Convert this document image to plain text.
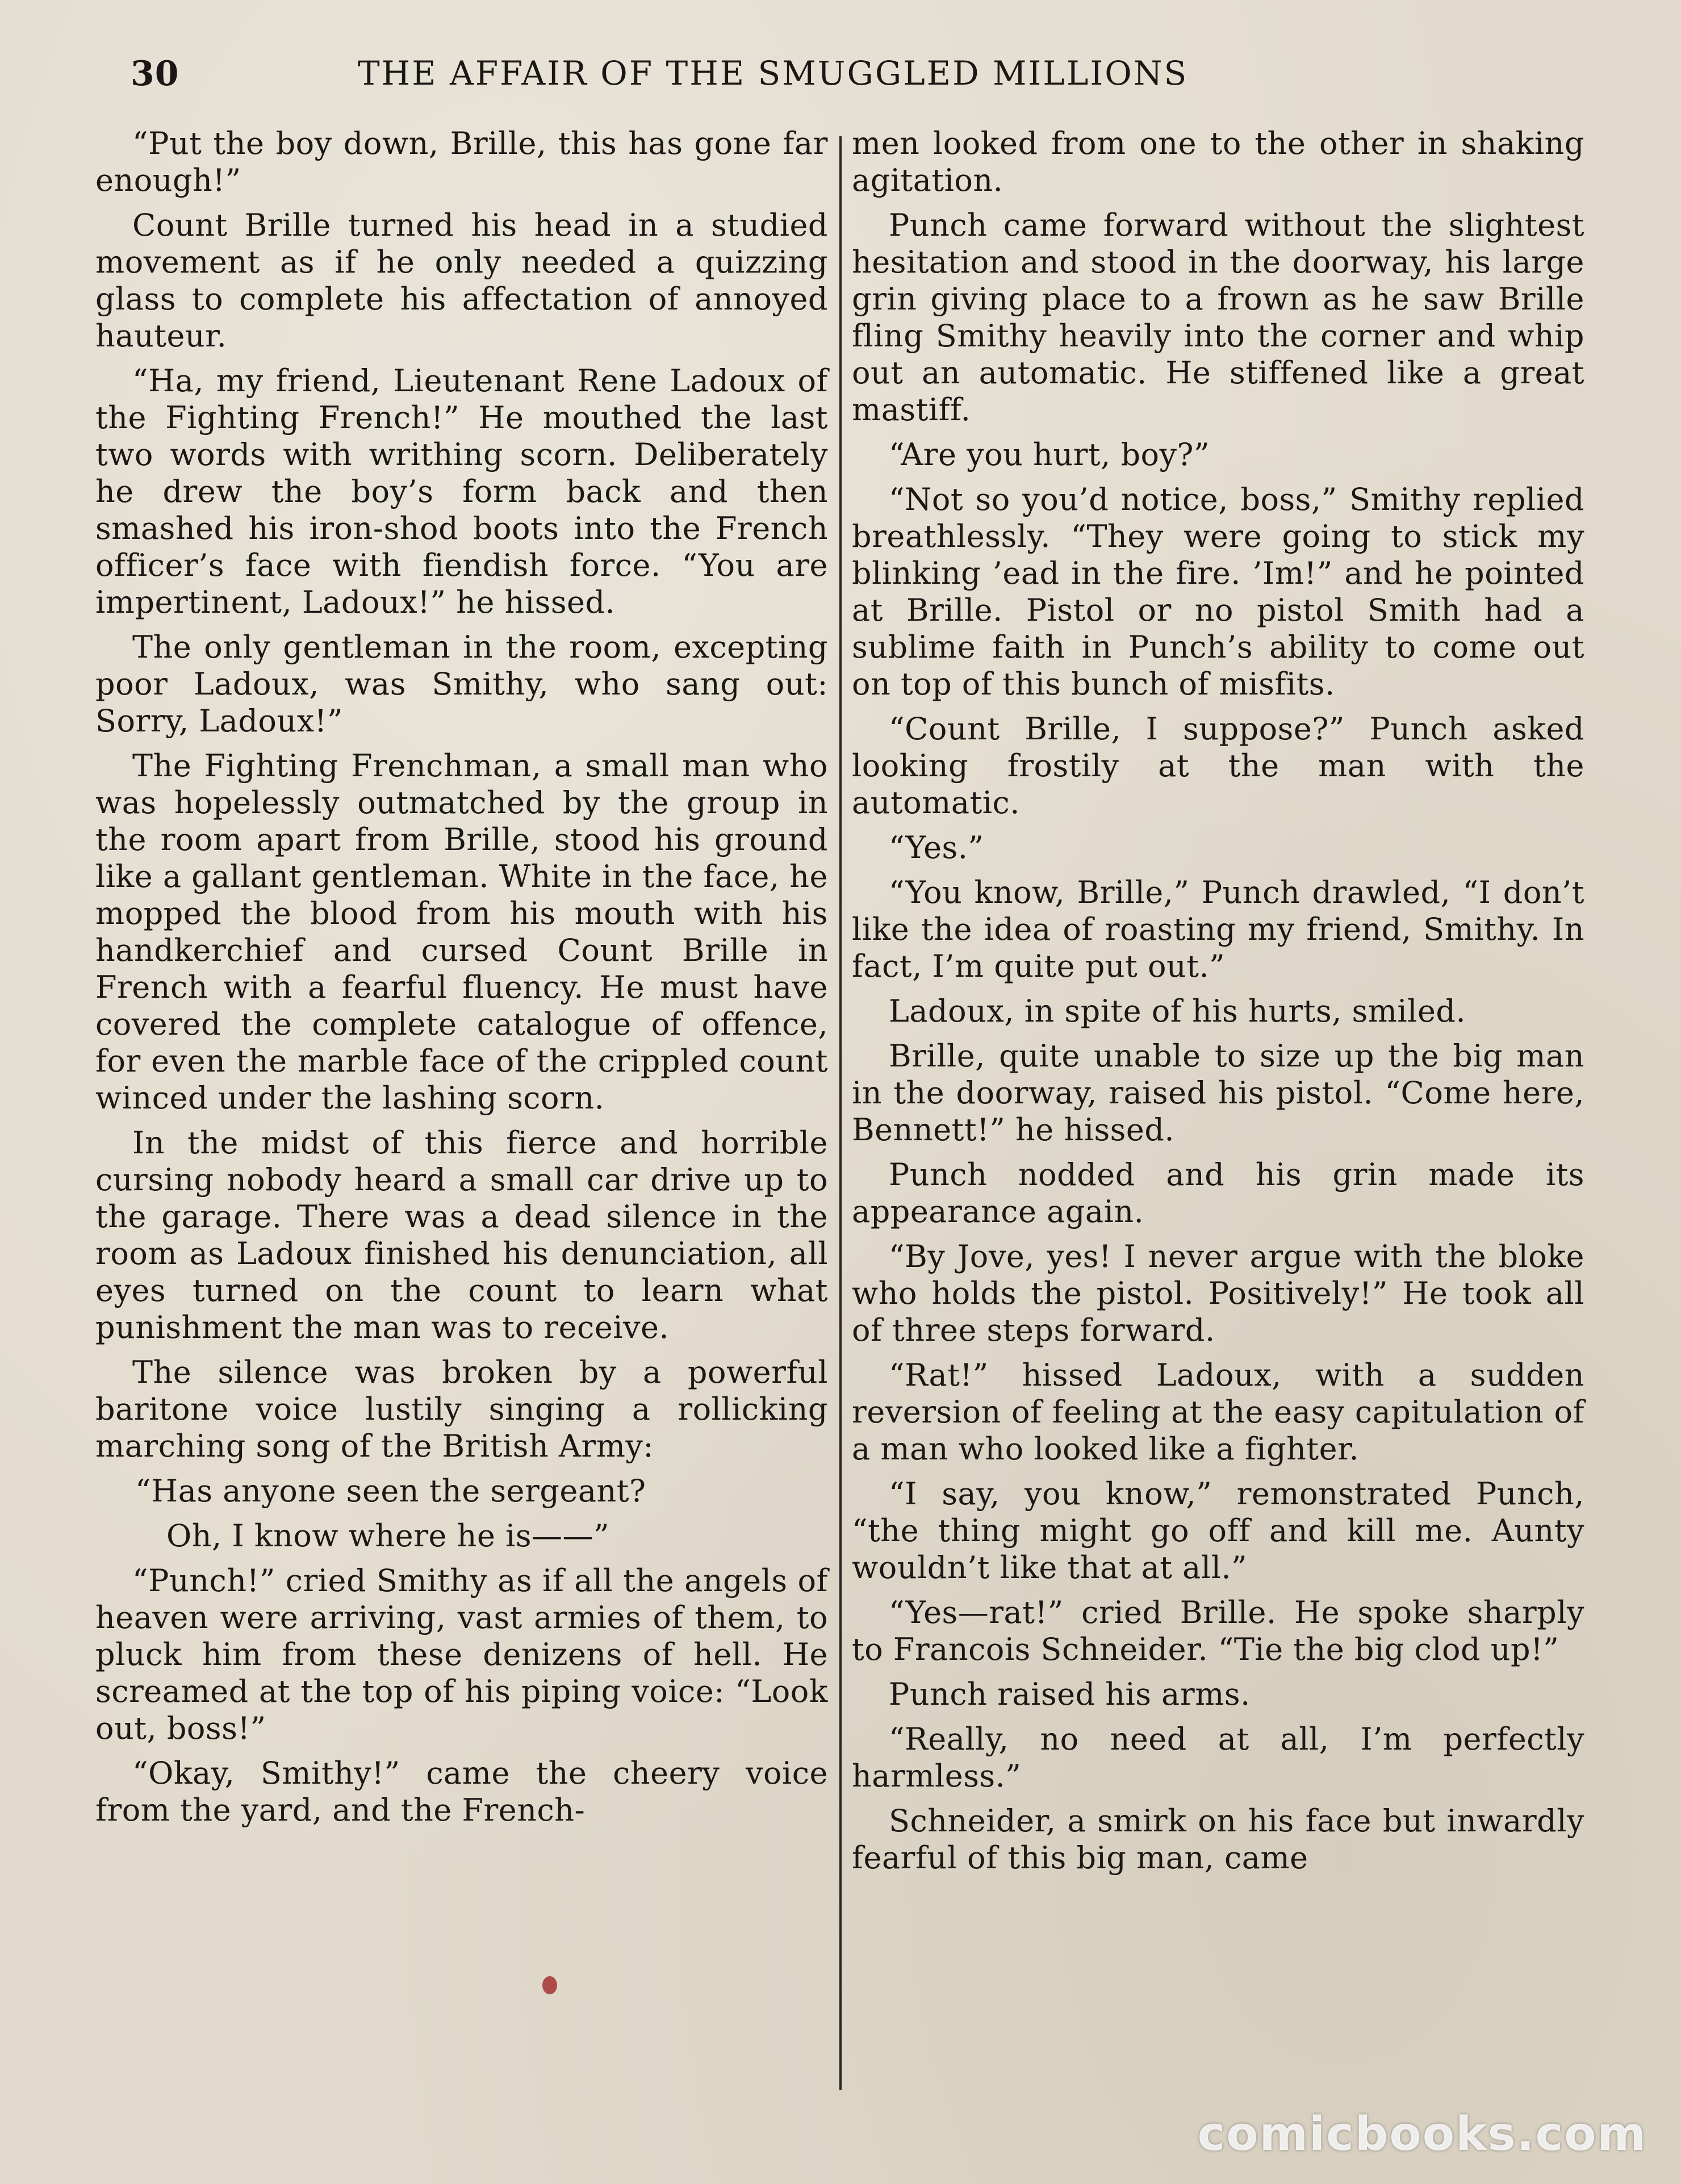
30	THE AFFAIR OF THE SMUGGLED MILLIONS

“Put the boy down, Brille, this has gone far enough!”

Count Brille turned his head in a studied movement as if he only needed a quizzing glass to complete his affectation of annoyed hauteur.

“Ha, my friend, Lieutenant Rene Ladoux of the Fighting French!” He mouthed the last two words with writhing scorn. Deliberately he drew the boy’s form back and then smashed his iron-shod boots into the French officer’s face with fiendish force. “You are impertinent, Ladoux!” he hissed.

The only gentleman in the room, excepting poor Ladoux, was Smithy, who sang out: Sorry, Ladoux!”

The Fighting Frenchman, a small man who was hopelessly outmatched by the group in the room apart from Brille, stood his ground like a gallant gentleman. White in the face, he mopped the blood from his mouth with his handkerchief and cursed Count Brille in French with a fearful fluency. He must have covered the complete catalogue of offence, for even the marble face of the crippled count winced under the lashing scorn.

In the midst of this fierce and horrible cursing nobody heard a small car drive up to the garage. There was a dead silence in the room as Ladoux finished his denunciation, all eyes turned on the count to learn what punishment the man was to receive.

The silence was broken by a powerful baritone voice lustily singing a rollicking marching song of the British Army:

“Has anyone seen the sergeant?

Oh, I know where he is——”

“Punch!” cried Smithy as if all the angels of heaven were arriving, vast armies of them, to pluck him from these denizens of hell. He screamed at the top of his piping voice: “Look out, boss!”

“Okay, Smithy!” came the cheery voice from the yard, and the French-

men looked from one to the other in shaking agitation.

Punch came forward without the slightest hesitation and stood in the doorway, his large grin giving place to a frown as he saw Brille fling Smithy heavily into the corner and whip out an automatic. He stiffened like a great mastiff.

“Are you hurt, boy?”

“Not so you’d notice, boss,” Smithy replied breathlessly. “They were going to stick my blinking ’ead in the fire. ’Im!” and he pointed at Brille. Pistol or no pistol Smith had a sublime faith in Punch’s ability to come out on top of this bunch of misfits.

“Count Brille, I suppose?” Punch asked looking frostily at the man with the automatic.

“Yes.”

“You know, Brille,” Punch drawled, “I don’t like the idea of roasting my friend, Smithy. In fact, I’m quite put out.”

Ladoux, in spite of his hurts, smiled.

Brille, quite unable to size up the big man in the doorway, raised his pistol. “Come here, Bennett!” he hissed.

Punch nodded and his grin made its appearance again.

“By Jove, yes! I never argue with the bloke who holds the pistol. Positively!” He took all of three steps forward.

“Rat!” hissed Ladoux, with a sudden reversion of feeling at the easy capitulation of a man who looked like a fighter.

“I say, you know,” remonstrated Punch, “the thing might go off and kill me. Aunty wouldn’t like that at all.”

“Yes—rat!” cried Brille. He spoke sharply to Francois Schneider. “Tie the big clod up!”

Punch raised his arms.

“Really, no need at all, I’m perfectly harmless.”

Schneider, a smirk on his face but inwardly fearful of this big man, came

comicbooks.com
